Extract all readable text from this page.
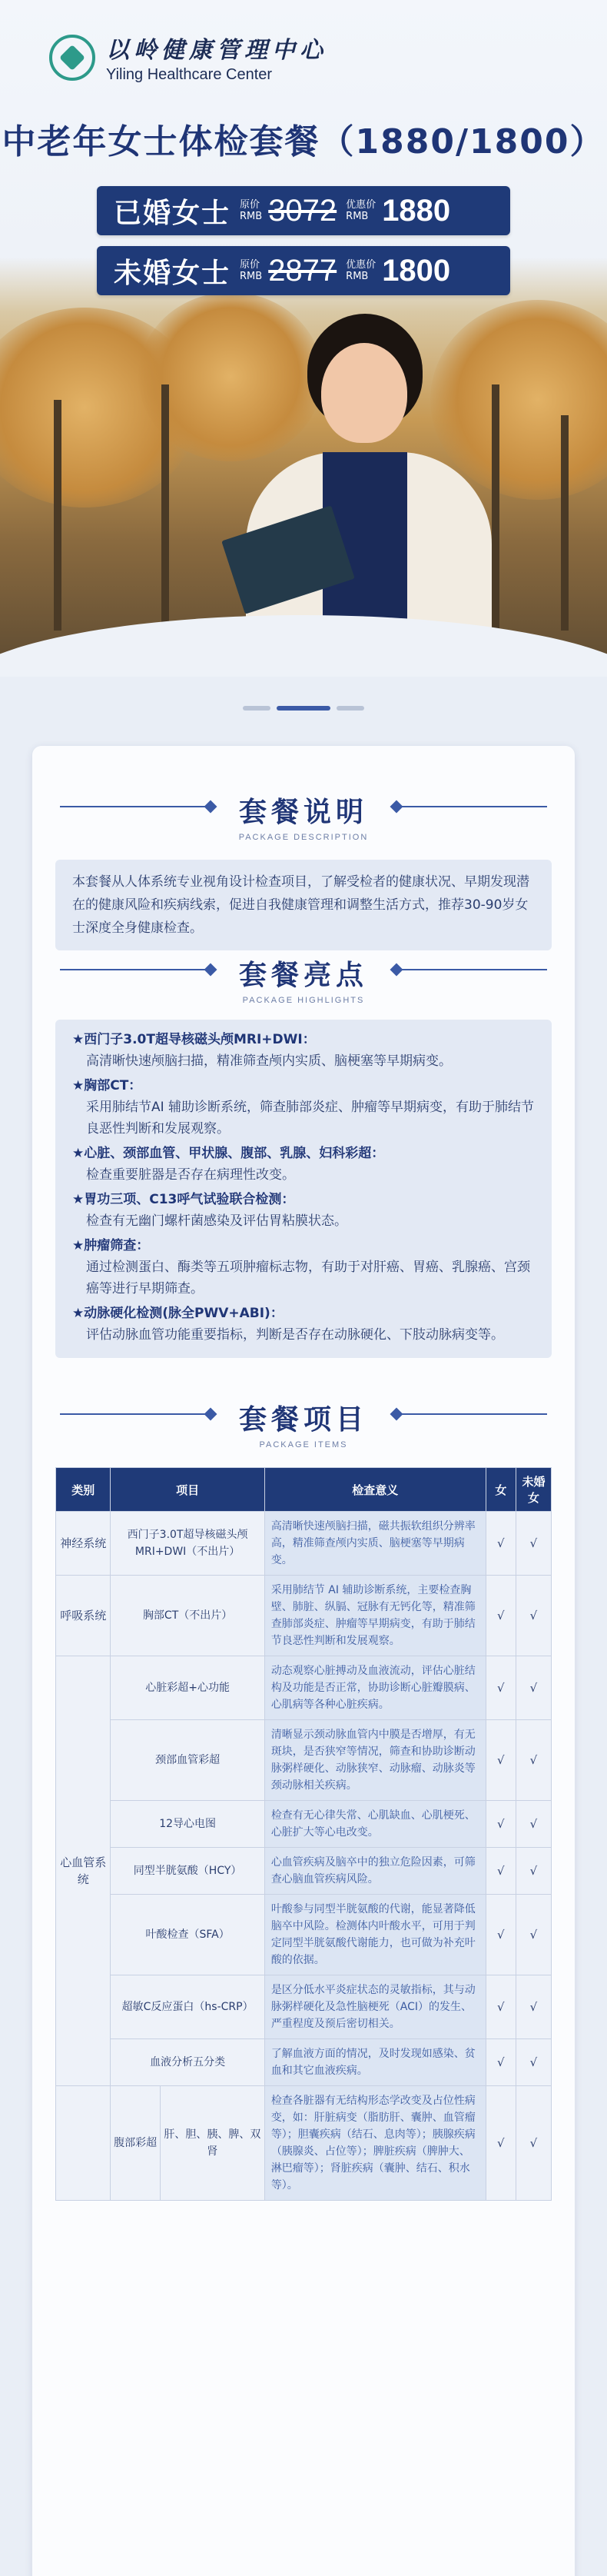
以岭健康管理中心
Yiling Healthcare Center
中老年女士体检套餐（1880/1800）
已婚女士 原价
RMB 3072 优惠价
RMB 1880
未婚女士 原价
RMB 2877 优惠价
RMB 1800
套餐说明
PACKAGE DESCRIPTION
本套餐从人体系统专业视角设计检查项目，了解受检者的健康状况、早期发现潜在的健康风险和疾病线索，促进自我健康管理和调整生活方式，推荐30-90岁女士深度全身健康检查。
套餐亮点
PACKAGE HIGHLIGHTS
★西门子3.0T超导核磁头颅MRI+DWI：
高清晰快速颅脑扫描，精准筛查颅内实质、脑梗塞等早期病变。
★胸部CT：
采用肺结节AI 辅助诊断系统，筛查肺部炎症、肿瘤等早期病变，有助于肺结节良恶性判断和发展观察。
★心脏、颈部血管、甲状腺、腹部、乳腺、妇科彩超：
检查重要脏器是否存在病理性改变。
★胃功三项、C13呼气试验联合检测：
检查有无幽门螺杆菌感染及评估胃粘膜状态。
★肿瘤筛查：
通过检测蛋白、酶类等五项肿瘤标志物，有助于对肝癌、胃癌、乳腺癌、宫颈癌等进行早期筛查。
★动脉硬化检测(脉全PWV+ABI)：
评估动脉血管功能重要指标，判断是否存在动脉硬化、下肢动脉病变等。
套餐项目
PACKAGE ITEMS
类别	项目		检查意义	女	未婚女
神经系统	西门子3.0T超导核磁头颅MRI+DWI（不出片）		高清晰快速颅脑扫描，磁共振软组织分辨率高，精准筛查颅内实质、脑梗塞等早期病变。	√	√
呼吸系统	胸部CT（不出片）		采用肺结节 AI 辅助诊断系统，主要检查胸壁、肺脏、纵膈、冠脉有无钙化等，精准筛查肺部炎症、肿瘤等早期病变，有助于肺结节良恶性判断和发展观察。	√	√
心血管系统	心脏彩超+心功能		动态观察心脏搏动及血液流动，评估心脏结构及功能是否正常，协助诊断心脏瓣膜病、心肌病等各种心脏疾病。	√	√
	颈部血管彩超		清晰显示颈动脉血管内中膜是否增厚，有无斑块，是否狭窄等情况，筛查和协助诊断动脉粥样硬化、动脉狭窄、动脉瘤、动脉炎等颈动脉相关疾病。	√	√
	12导心电图		检查有无心律失常、心肌缺血、心肌梗死、心脏扩大等心电改变。	√	√
	同型半胱氨酸（HCY）		心血管疾病及脑卒中的独立危险因素，可筛查心脑血管疾病风险。	√	√
	叶酸检查（SFA）		叶酸参与同型半胱氨酸的代谢，能显著降低脑卒中风险。检测体内叶酸水平，可用于判定同型半胱氨酸代谢能力，也可做为补充叶酸的依据。	√	√
	超敏C反应蛋白（hs-CRP）		是区分低水平炎症状态的灵敏指标，其与动脉粥样硬化及急性脑梗死（ACI）的发生、严重程度及预后密切相关。	√	√
	血液分析五分类		了解血液方面的情况，及时发现如感染、贫血和其它血液疾病。	√	√
	腹部彩超	肝、胆、胰、脾、双肾	检查各脏器有无结构形态学改变及占位性病变，如：肝脏病变（脂肪肝、囊肿、血管瘤等）；胆囊疾病（结石、息肉等）；胰腺疾病（胰腺炎、占位等）；脾脏疾病（脾肿大、淋巴瘤等）；肾脏疾病（囊肿、结石、积水等）。	√	√
